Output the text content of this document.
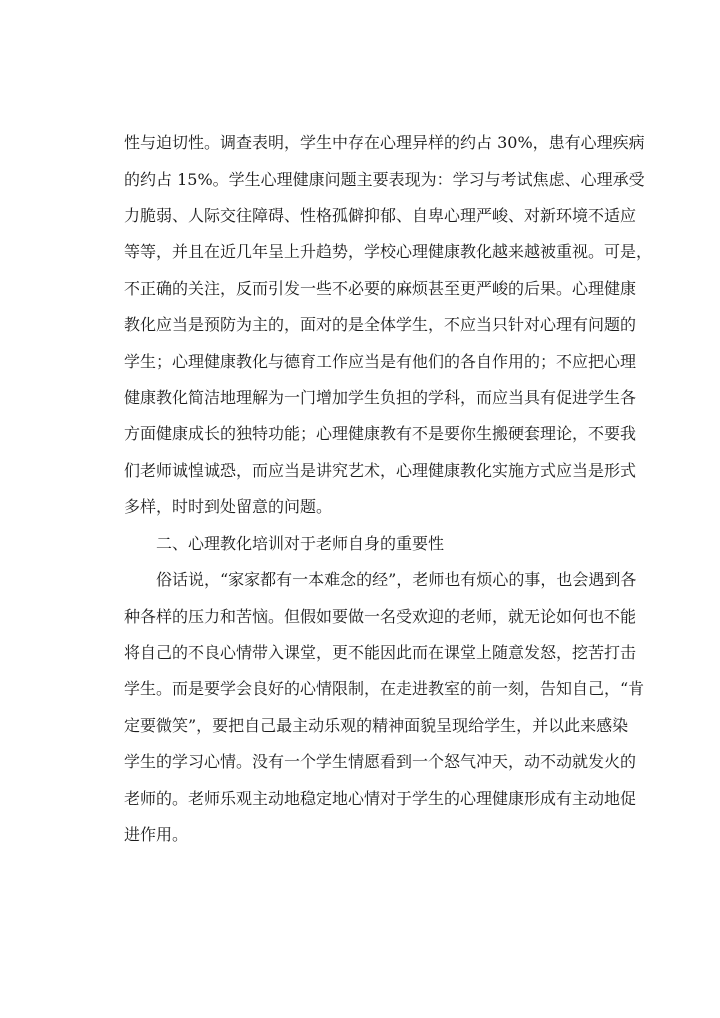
性与迫切性。调查表明，学生中存在心理异样的约占 30%，患有心理疾病
的约占 15%。学生心理健康问题主要表现为：学习与考试焦虑、心理承受
力脆弱、人际交往障碍、性格孤僻抑郁、自卑心理严峻、对新环境不适应
等等，并且在近几年呈上升趋势，学校心理健康教化越来越被重视。可是，
不正确的关注，反而引发一些不必要的麻烦甚至更严峻的后果。心理健康
教化应当是预防为主的，面对的是全体学生，不应当只针对心理有问题的
学生；心理健康教化与德育工作应当是有他们的各自作用的；不应把心理
健康教化简洁地理解为一门增加学生负担的学科，而应当具有促进学生各
方面健康成长的独特功能；心理健康教有不是要你生搬硬套理论，不要我
们老师诚惶诚恐，而应当是讲究艺术，心理健康教化实施方式应当是形式
多样，时时到处留意的问题。
二、心理教化培训对于老师自身的重要性
俗话说，“家家都有一本难念的经”，老师也有烦心的事，也会遇到各
种各样的压力和苦恼。但假如要做一名受欢迎的老师，就无论如何也不能
将自己的不良心情带入课堂，更不能因此而在课堂上随意发怒，挖苦打击
学生。而是要学会良好的心情限制，在走进教室的前一刻，告知自己，“肯
定要微笑”，要把自己最主动乐观的精神面貌呈现给学生，并以此来感染
学生的学习心情。没有一个学生情愿看到一个怒气冲天，动不动就发火的
老师的。老师乐观主动地稳定地心情对于学生的心理健康形成有主动地促
进作用。
